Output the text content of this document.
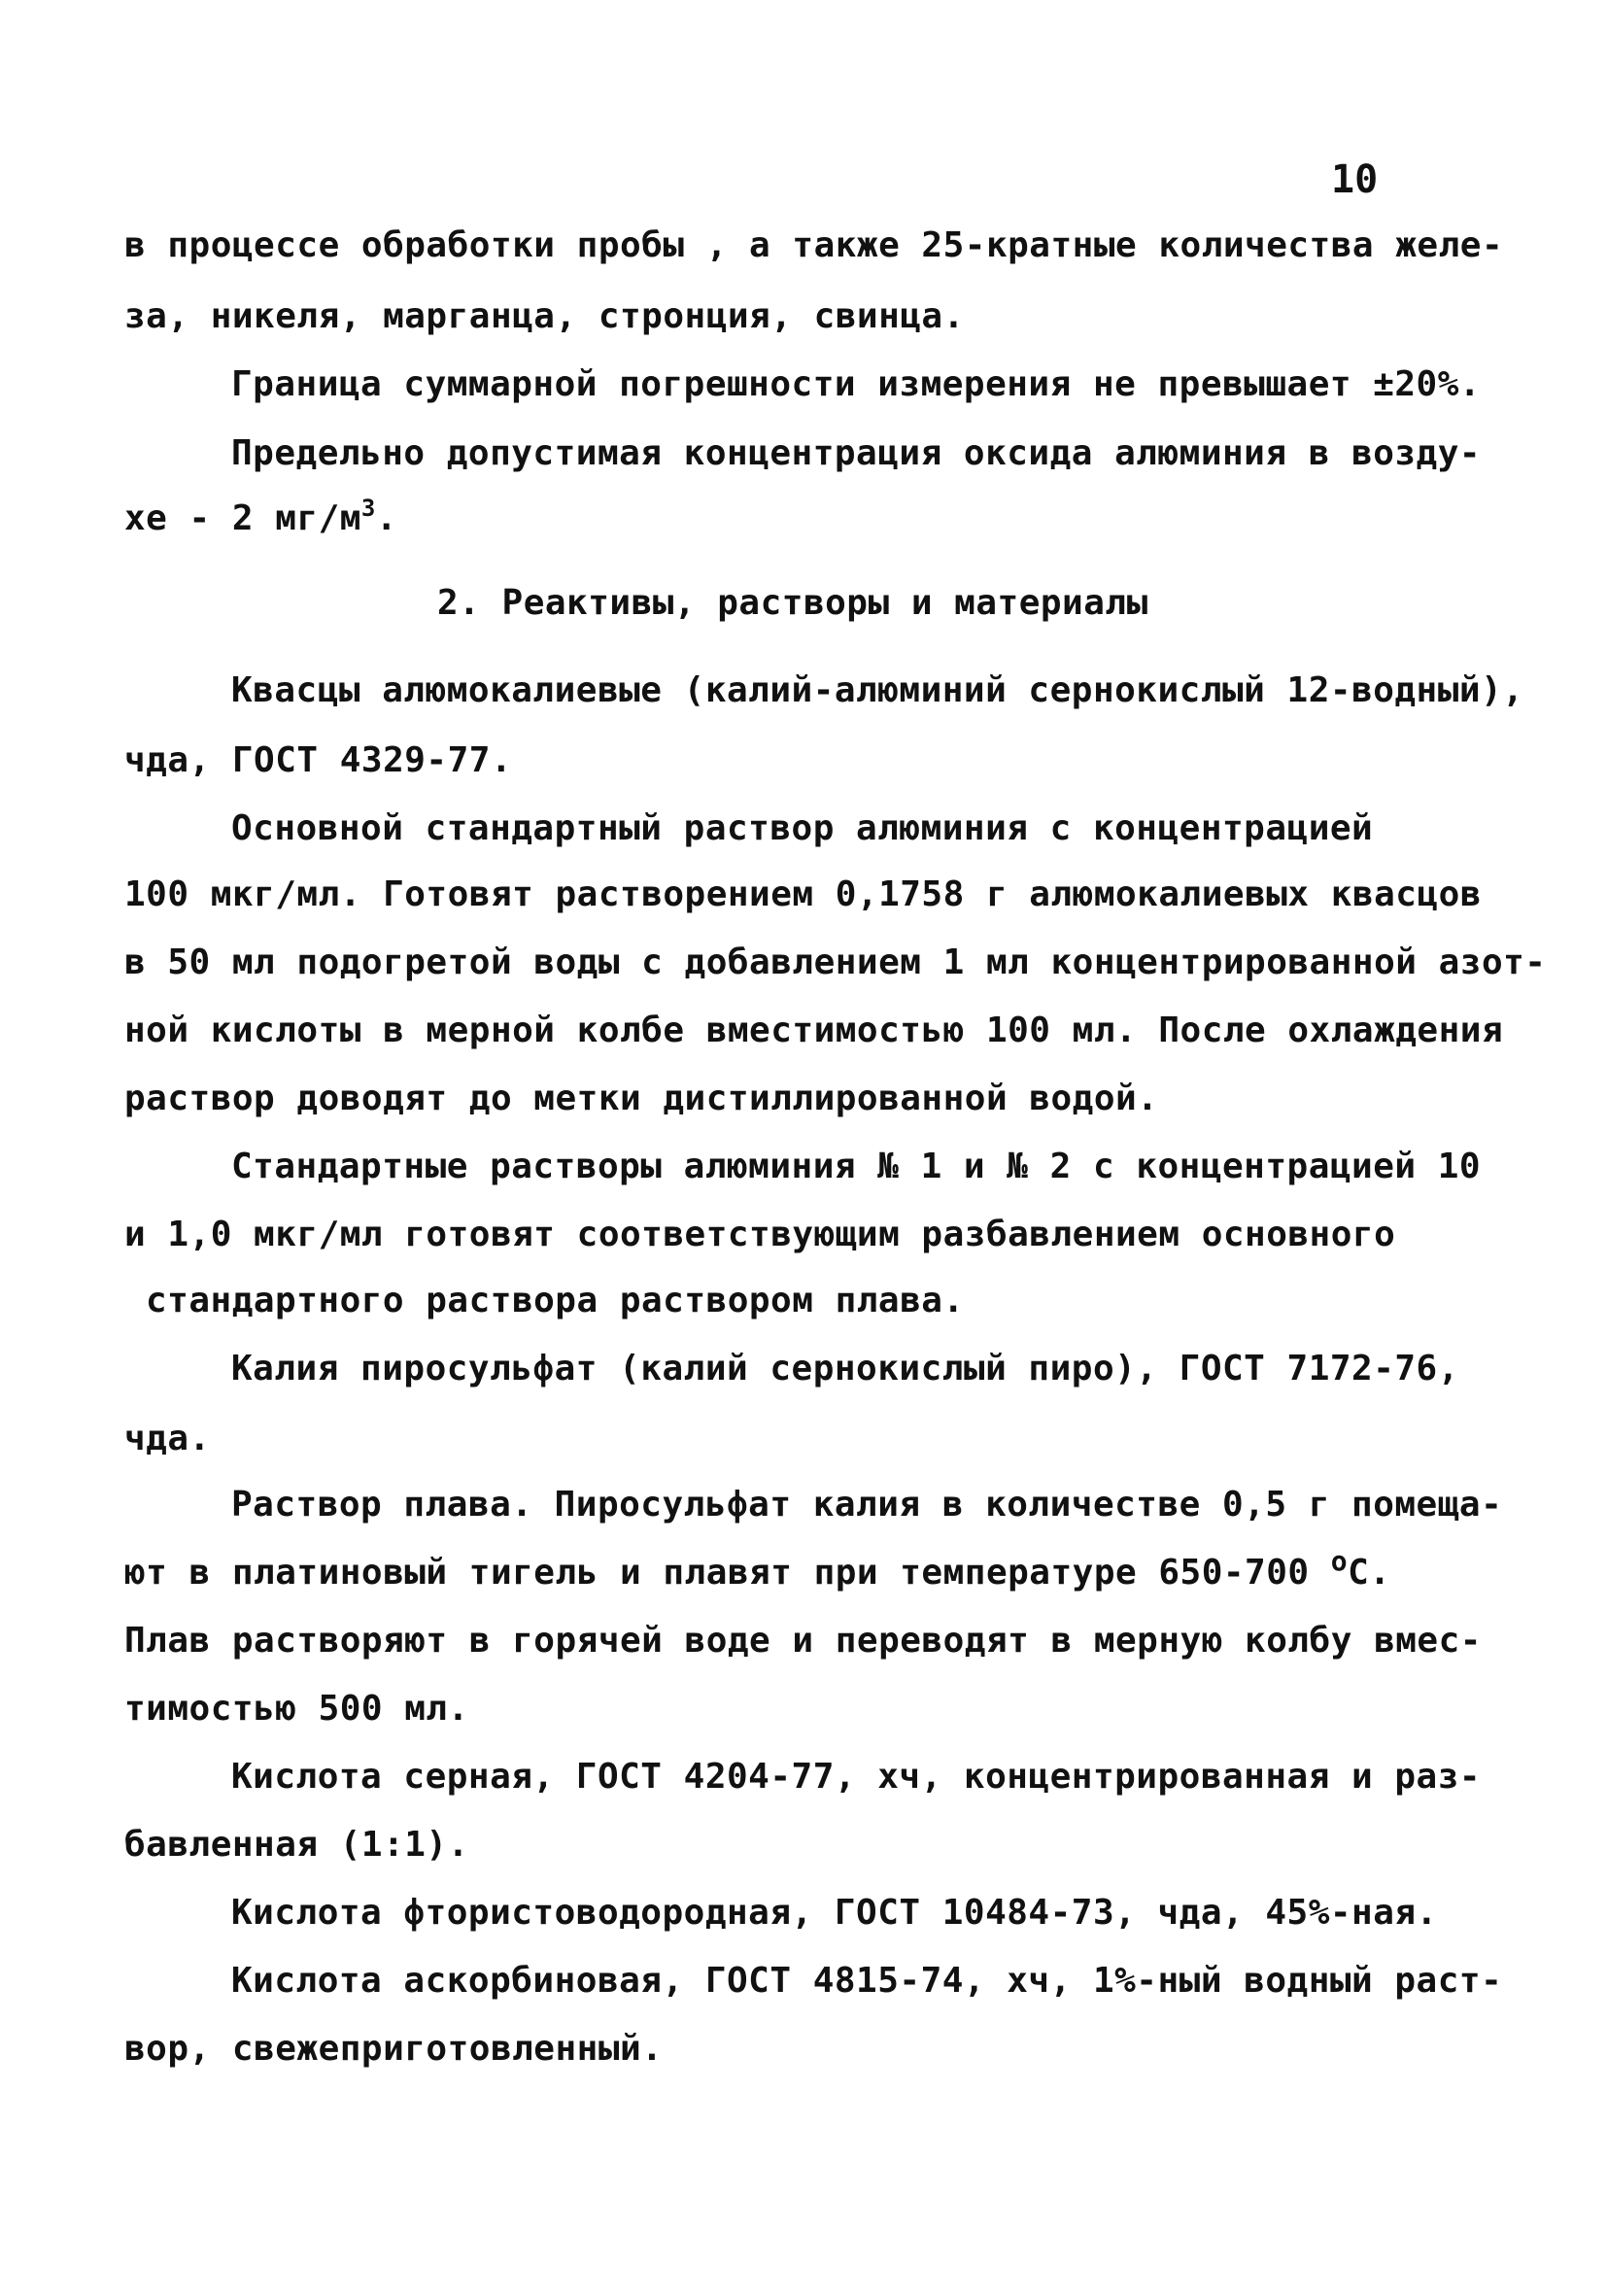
10
в процессе обработки пробы , а также 25-кратные количества желе-
за, никеля, марганца, стронция, свинца.
Граница суммарной погрешности измерения не превышает ±20%.
Предельно допустимая концентрация оксида алюминия в возду-
хе - 2 $мг/м^3$.
2. Реактивы, растворы и материалы
Квасцы алюмокалиевые (калий-алюминий сернокислый 12-водный),
чда, ГОСТ 4329-77.
Основной стандартный раствор алюминия с концентрацией
100 мкг/мл. Готовят растворением 0,1758 г алюмокалиевых квасцов
в 50 мл подогретой воды с добавлением 1 мл концентрированной азот-
ной кислоты в мерной колбе вместимостью 100 мл. После охлаждения
раствор доводят до метки дистиллированной водой.
Стандартные растворы алюминия № 1 и № 2 с концентрацией 10
и 1,0 мкг/мл готовят соответствующим разбавлением основного
стандартного раствора раствором плава.
Калия пиросульфат (калий сернокислый пиро), ГОСТ 7172-76,
чда.
Раствор плава. Пиросульфат калия в количестве 0,5 г помеща-
ют в платиновый тигель и плавят при температуре 650-700 $^о$С.
Плав растворяют в горячей воде и переводят в мерную колбу вмес-
тимостью 500 мл.
Кислота серная, ГОСТ 4204-77, хч, концентрированная и раз-
бавленная (1:1).
Кислота фтористоводородная, ГОСТ 10484-73, чда, 45%-ная.
Кислота аскорбиновая, ГОСТ 4815-74, хч, 1%-ный водный раст-
вор, свежеприготовленный.
